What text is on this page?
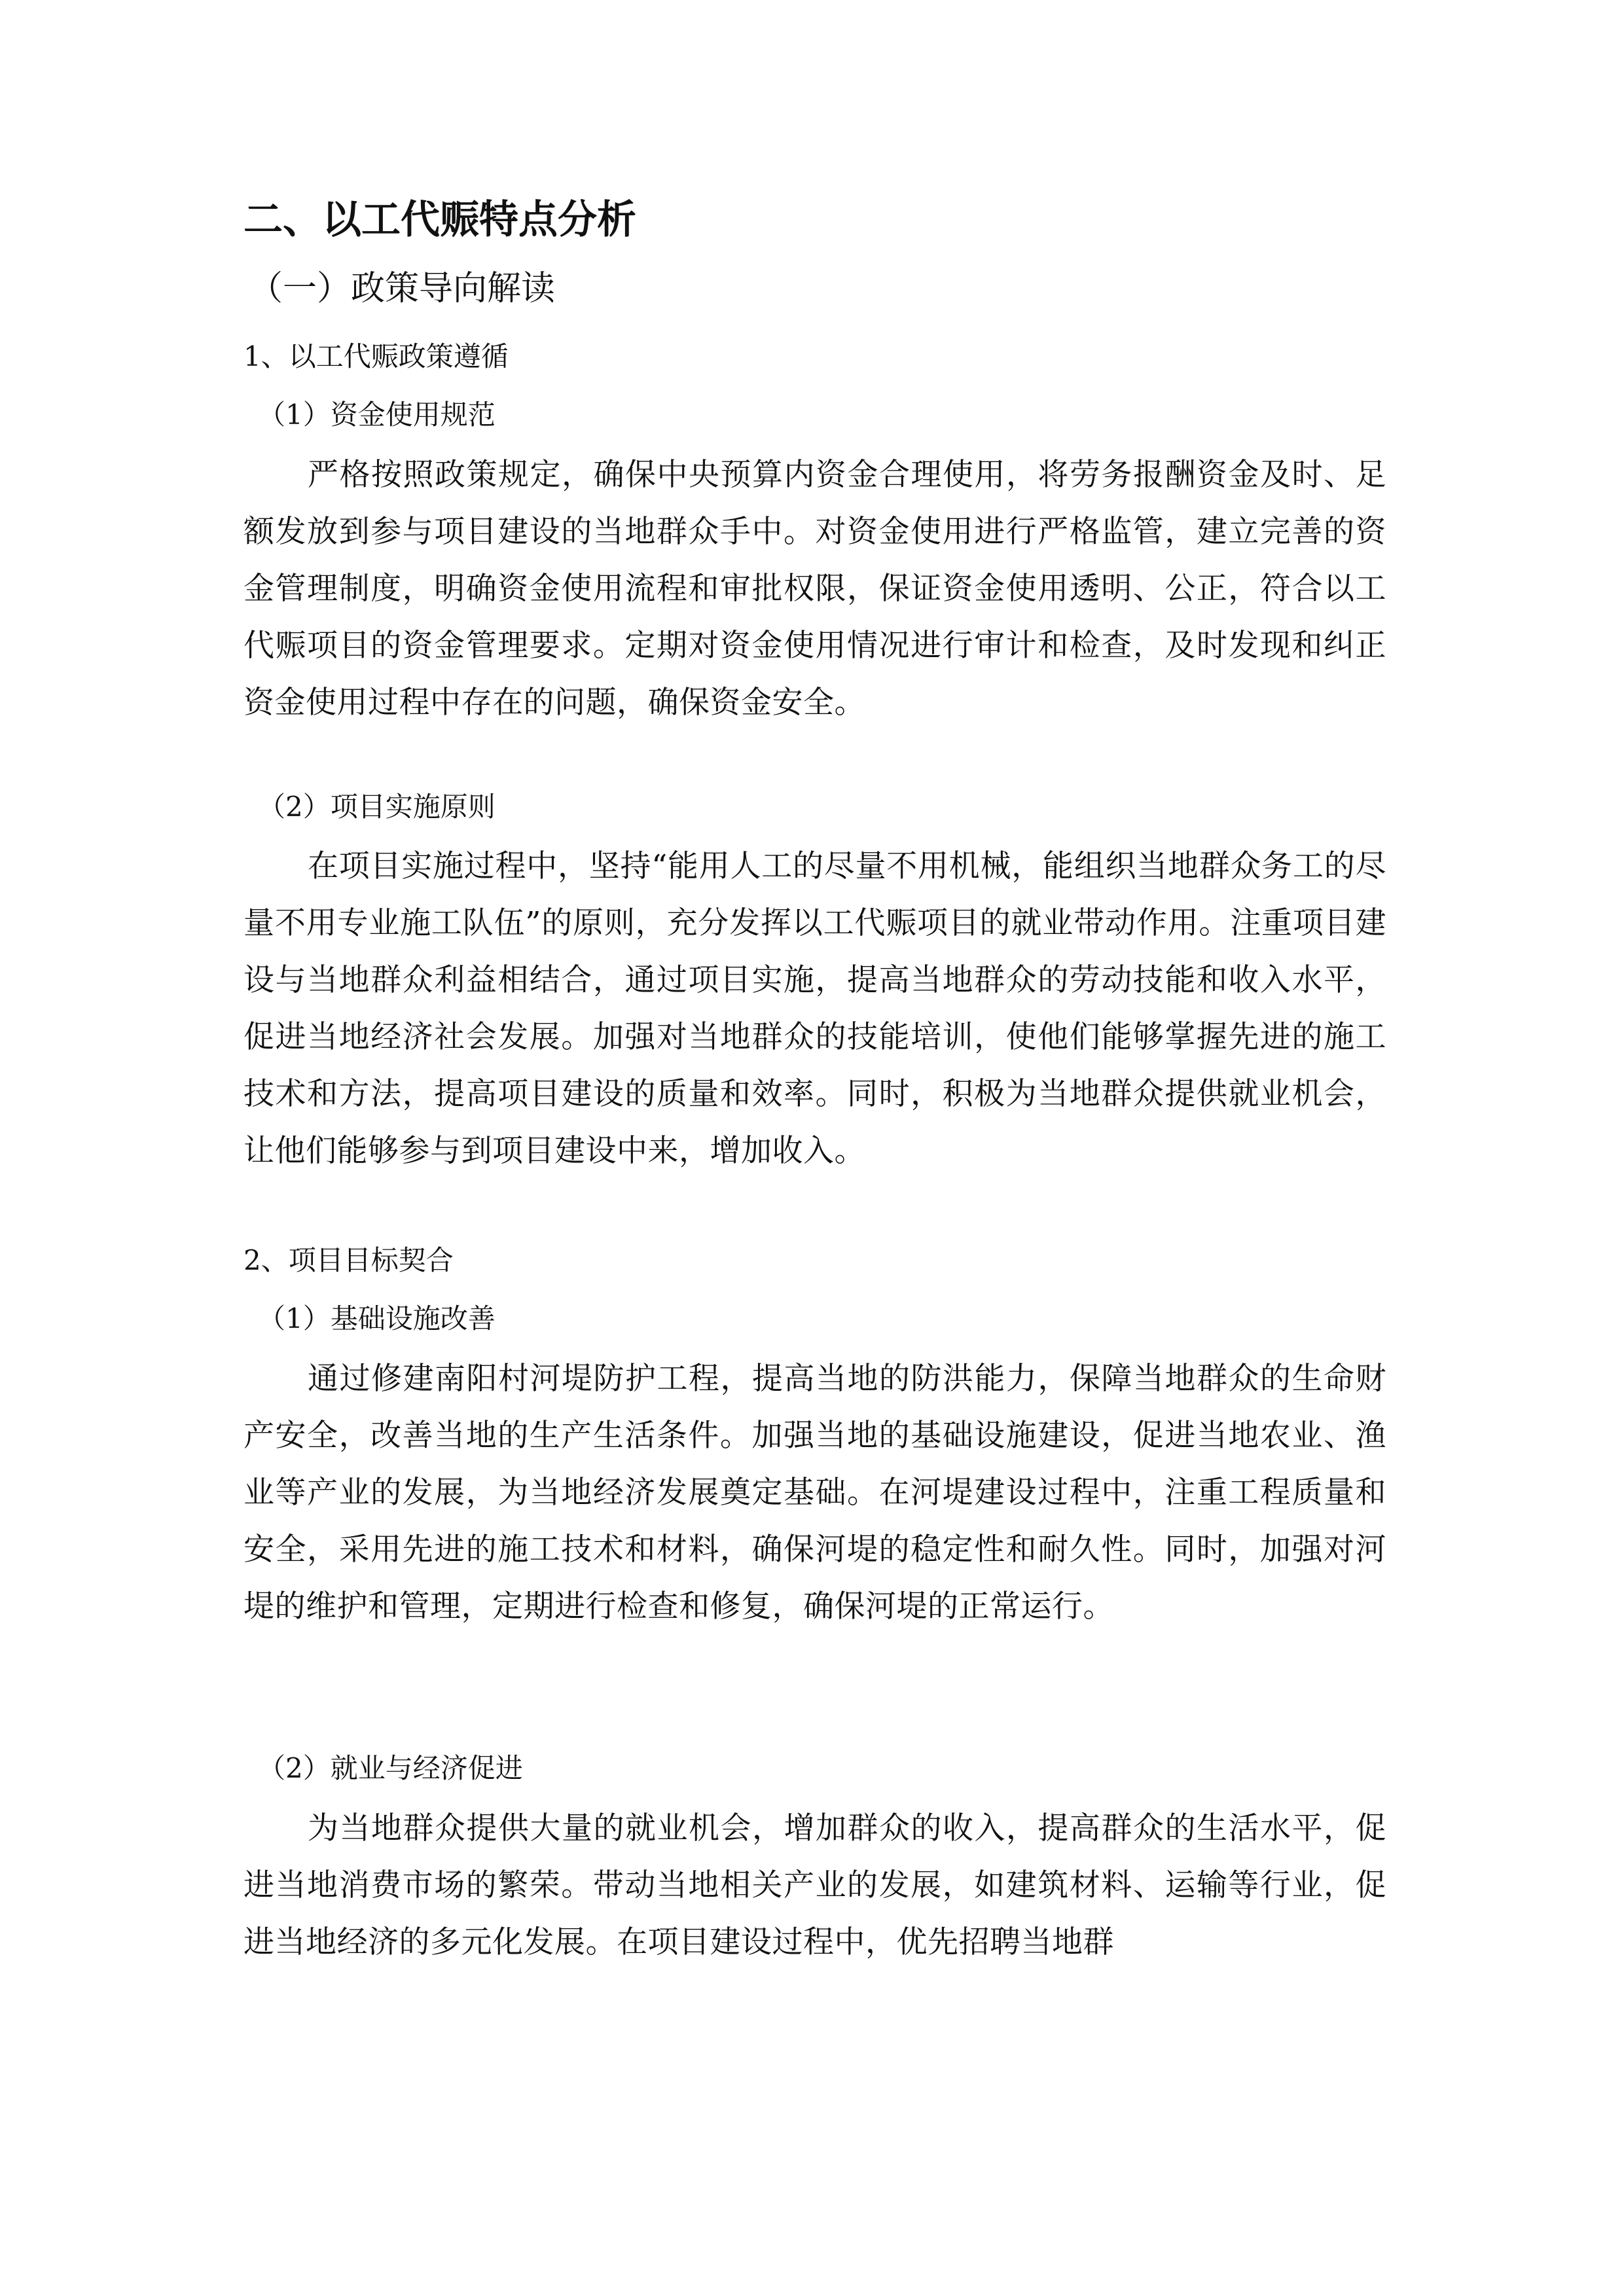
二、以工代赈特点分析
（一）政策导向解读
1、以工代赈政策遵循
（1）资金使用规范

严格按照政策规定，确保中央预算内资金合理使用，将劳务报酬资金及时、足额发放到参与项目建设的当地群众手中。对资金使用进行严格监管，建立完善的资金管理制度，明确资金使用流程和审批权限，保证资金使用透明、公正，符合以工代赈项目的资金管理要求。定期对资金使用情况进行审计和检查，及时发现和纠正资金使用过程中存在的问题，确保资金安全。

（2）项目实施原则

在项目实施过程中，坚持“能用人工的尽量不用机械，能组织当地群众务工的尽量不用专业施工队伍”的原则，充分发挥以工代赈项目的就业带动作用。注重项目建设与当地群众利益相结合，通过项目实施，提高当地群众的劳动技能和收入水平，促进当地经济社会发展。加强对当地群众的技能培训，使他们能够掌握先进的施工技术和方法，提高项目建设的质量和效率。同时，积极为当地群众提供就业机会，让他们能够参与到项目建设中来，增加收入。

2、项目目标契合
（1）基础设施改善

通过修建南阳村河堤防护工程，提高当地的防洪能力，保障当地群众的生命财产安全，改善当地的生产生活条件。加强当地的基础设施建设，促进当地农业、渔业等产业的发展，为当地经济发展奠定基础。在河堤建设过程中，注重工程质量和安全，采用先进的施工技术和材料，确保河堤的稳定性和耐久性。同时，加强对河堤的维护和管理，定期进行检查和修复，确保河堤的正常运行。

（2）就业与经济促进

为当地群众提供大量的就业机会，增加群众的收入，提高群众的生活水平，促进当地消费市场的繁荣。带动当地相关产业的发展，如建筑材料、运输等行业，促进当地经济的多元化发展。在项目建设过程中，优先招聘当地群
